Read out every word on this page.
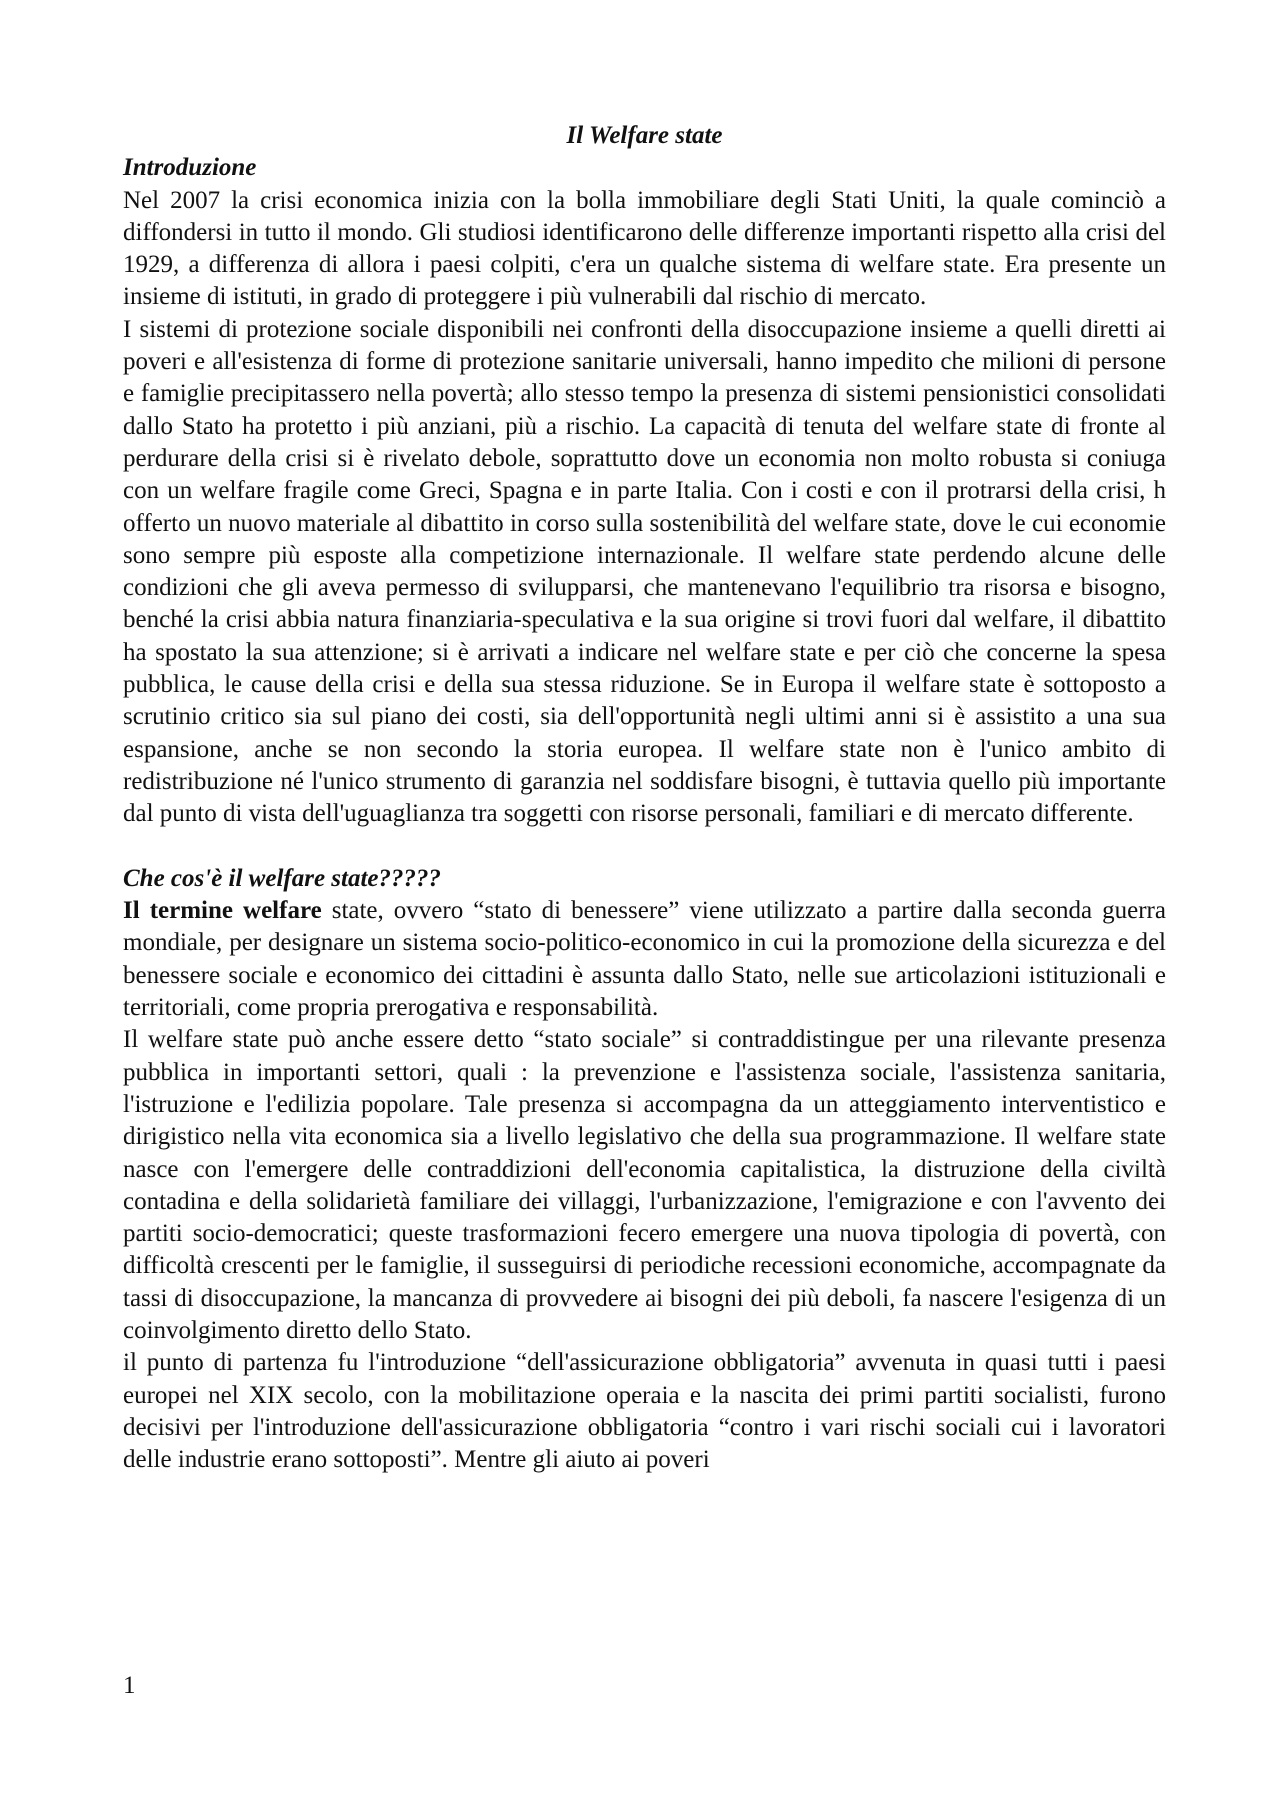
Il Welfare state

Introduzione

Nel 2007 la crisi economica inizia con la bolla immobiliare degli Stati Uniti, la quale cominciò a diffondersi in tutto il mondo. Gli studiosi identificarono delle differenze importanti rispetto alla crisi del 1929, a differenza di allora i paesi colpiti, c'era un qualche sistema di welfare state. Era presente un insieme di istituti, in grado di proteggere i più vulnerabili dal rischio di mercato.

I sistemi di protezione sociale disponibili nei confronti della disoccupazione insieme a quelli diretti ai poveri e all'esistenza di forme di protezione sanitarie universali, hanno impedito che milioni di persone e famiglie precipitassero nella povertà; allo stesso tempo la presenza di sistemi pensionistici consolidati dallo Stato ha protetto i più anziani, più a rischio. La capacità di tenuta del welfare state di fronte al perdurare della crisi si è rivelato debole, soprattutto dove un economia non molto robusta si coniuga con un welfare fragile come Greci, Spagna e in parte Italia. Con i costi e con il protrarsi della crisi, h offerto un nuovo materiale al dibattito in corso sulla sostenibilità del welfare state, dove le cui economie sono sempre più esposte alla competizione internazionale. Il welfare state perdendo alcune delle condizioni che gli aveva permesso di svilupparsi, che mantenevano l'equilibrio tra risorsa e bisogno, benché la crisi abbia natura finanziaria-speculativa e la sua origine si trovi fuori dal welfare, il dibattito ha spostato la sua attenzione; si è arrivati a indicare nel welfare state e per ciò che concerne la spesa pubblica, le cause della crisi e della sua stessa riduzione. Se in Europa il welfare state è sottoposto a scrutinio critico sia sul piano dei costi, sia dell'opportunità negli ultimi anni si è assistito a una sua espansione, anche se non secondo la storia europea. Il welfare state non è l'unico ambito di redistribuzione né l'unico strumento di garanzia nel soddisfare bisogni, è tuttavia quello più importante dal punto di vista dell'uguaglianza tra soggetti con risorse personali, familiari e di mercato differente.

Che cos'è il welfare state?????

Il termine welfare state, ovvero “stato di benessere” viene utilizzato a partire dalla seconda guerra mondiale, per designare un sistema socio-politico-economico in cui la promozione della sicurezza e del benessere sociale e economico dei cittadini è assunta dallo Stato, nelle sue articolazioni istituzionali e territoriali, come propria prerogativa e responsabilità.

Il welfare state può anche essere detto “stato sociale” si contraddistingue per una rilevante presenza pubblica in importanti settori, quali : la prevenzione e l'assistenza sociale, l'assistenza sanitaria, l'istruzione e l'edilizia popolare. Tale presenza si accompagna da un atteggiamento interventistico e dirigistico nella vita economica sia a livello legislativo che della sua programmazione. Il welfare state nasce con l'emergere delle contraddizioni dell'economia capitalistica, la distruzione della civiltà contadina e della solidarietà familiare dei villaggi, l'urbanizzazione, l'emigrazione e con l'avvento dei partiti socio-democratici; queste trasformazioni fecero emergere una nuova tipologia di povertà, con difficoltà crescenti per le famiglie, il susseguirsi di periodiche recessioni economiche, accompagnate da tassi di disoccupazione, la mancanza di provvedere ai bisogni dei più deboli, fa nascere l'esigenza di un coinvolgimento diretto dello Stato.

il punto di partenza fu l'introduzione “dell'assicurazione obbligatoria” avvenuta in quasi tutti i paesi europei nel XIX secolo, con la mobilitazione operaia e la nascita dei primi partiti socialisti, furono decisivi per l'introduzione dell'assicurazione obbligatoria “contro i vari rischi sociali cui i lavoratori delle industrie erano sottoposti”. Mentre gli aiuto ai poveri

1
